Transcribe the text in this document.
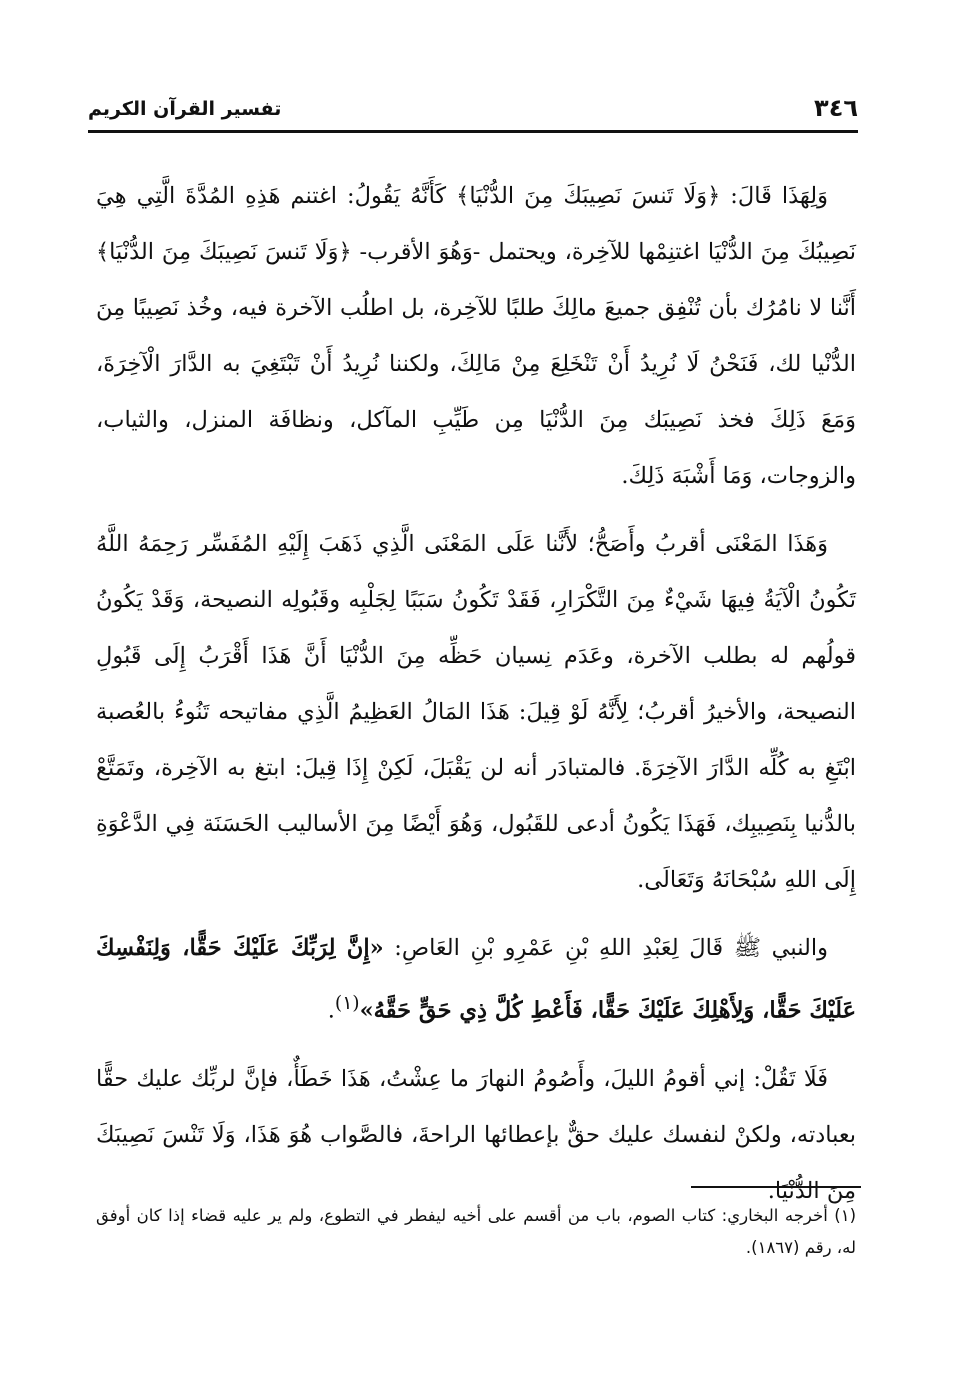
٣٤٦
تفسير القرآن الكريم

وَلِهَذَا قَالَ: ﴿وَلَا تَنسَ نَصِيبَكَ مِنَ الدُّنْيَا﴾ كَأَنَّهُ يَقُولُ: اغتنم هَذِهِ المُدَّةَ الَّتِي هِيَ نَصِيبُكَ مِنَ الدُّنْيَا اغتنِمْها للآخِرة، ويحتمل -وَهُوَ الأقرب- ﴿وَلَا تَنسَ نَصِيبَكَ مِنَ الدُّنْيَا﴾ أَنَّنا لا نامُرُك بأن تُنْفِق جميعَ مالِكَ طلبًا للآخِرة، بل اطلُب الآخرة فيه، وخُذ نَصِيبًا مِنَ الدُّنْيا لك، فَنَحْنُ لَا نُرِيدُ أَنْ تَنْخَلِعَ مِنْ مَالِكَ، ولكننا نُرِيدُ أَنْ تَبْتَغِيَ به الدَّارَ الْآخِرَةَ، وَمَعَ ذَلِكَ فخذ نَصِيبَك مِنَ الدُّنْيَا مِن طَيِّبِ المآكل، ونظافَة المنزل، والثياب، والزوجات، وَمَا أَشْبَهَ ذَلِكَ.

وَهَذَا المَعْنَى أقربُ وأَصَحُّ؛ لأَنَّنا عَلَى المَعْنَى الَّذِي ذَهَبَ إِلَيْهِ المُفَسِّر رَحِمَهُ اللَّهُ تَكُونُ الْآيَةُ فِيهَا شَيْءٌ مِنَ التَّكْرَارِ، فَقَدْ تَكُونُ سَبَبًا لِجَلْبِه وقَبُولِه النصيحة، وَقَدْ يَكُونُ قولُهم له بطلب الآخرة، وعَدَم نِسيان حَظِّه مِنَ الدُّنْيَا أَنَّ هَذَا أَقْرَبُ إِلَى قَبُولِ النصيحة، والأخيرُ أقربُ؛ لِأَنَّهُ لَوْ قِيلَ: هَذَا المَالُ العَظِيمُ الَّذِي مفاتيحه تَنُوءُ بالعُصبة ابْتَغِ به كُلِّه الدَّارَ الآخِرَةَ. فالمتبادَر أنه لن يَقْبَلَ، لَكِنْ إِذَا قِيلَ: ابتغ به الآخِرة، وتَمَتَّعْ بالدُّنيا بِنَصِيبِك، فَهَذَا يَكُونُ أدعى للقَبُول، وَهُوَ أَيْضًا مِنَ الأساليب الحَسَنَة فِي الدَّعْوَةِ إِلَى اللهِ سُبْحَانَهُ وَتَعَالَى.

والنبي ﷺ قَالَ لِعَبْدِ اللهِ بْنِ عَمْرِو بْنِ العَاصِ: «إِنَّ لِرَبِّكَ عَلَيْكَ حَقًّا، وَلِنَفْسِكَ عَلَيْكَ حَقًّا، وَلِأَهْلِكَ عَلَيْكَ حَقًّا، فَأَعْطِ كُلَّ ذِي حَقٍّ حَقَّهُ»$^{(١)}$.

فَلَا تَقُلْ: إني أقومُ الليلَ، وأَصُومُ النهارَ ما عِشْتُ، هَذَا خَطَأٌ، فإنَّ لربِّك عليك حقًّا بعبادته، ولكنْ لنفسك عليك حقٌّ بإعطائها الراحةَ، فالصَّواب هُوَ هَذَا، وَلَا تَنْسَ نَصِيبَكَ مِنَ الدُّنْيَا.

(١) أخرجه البخاري: كتاب الصوم، باب من أقسم على أخيه ليفطر في التطوع، ولم ير عليه قضاء إذا كان أوفق له، رقم (١٨٦٧).
